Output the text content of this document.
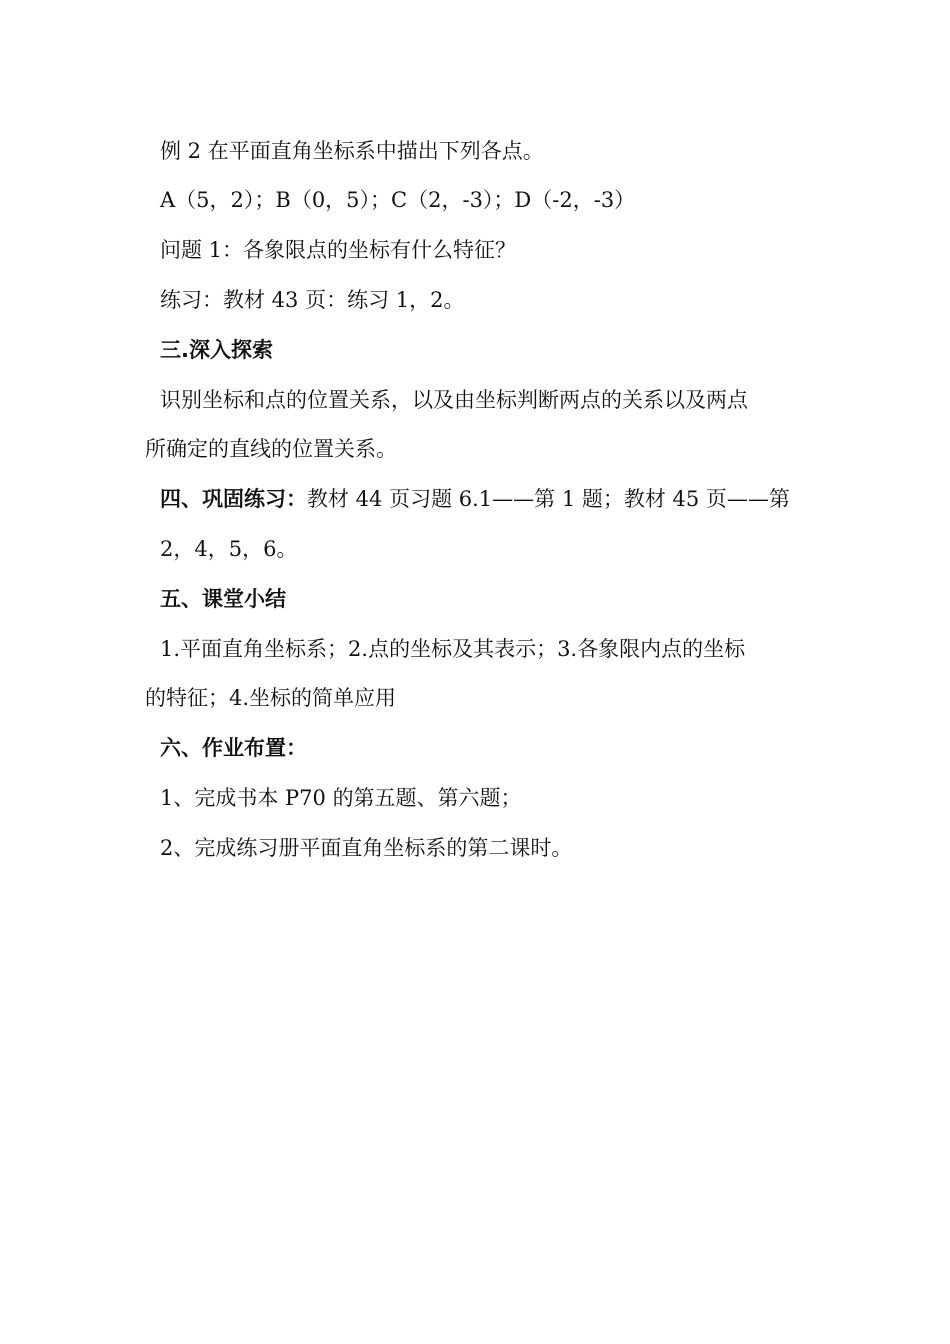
例 2 在平面直角坐标系中描出下列各点。
A（5，2）；B（0，5）；C（2，-3）；D（-2，-3）
问题 1：各象限点的坐标有什么特征？
练习：教材 43 页：练习 1，2。
三.深入探索
识别坐标和点的位置关系，以及由坐标判断两点的关系以及两点
所确定的直线的位置关系。
四、巩固练习：教材 44 页习题 6.1——第 1 题；教材 45 页——第
2，4，5，6。
五、课堂小结
1.平面直角坐标系；2.点的坐标及其表示；3.各象限内点的坐标
的特征；4.坐标的简单应用
六、作业布置：
1、完成书本 P70 的第五题、第六题；
2、完成练习册平面直角坐标系的第二课时。
